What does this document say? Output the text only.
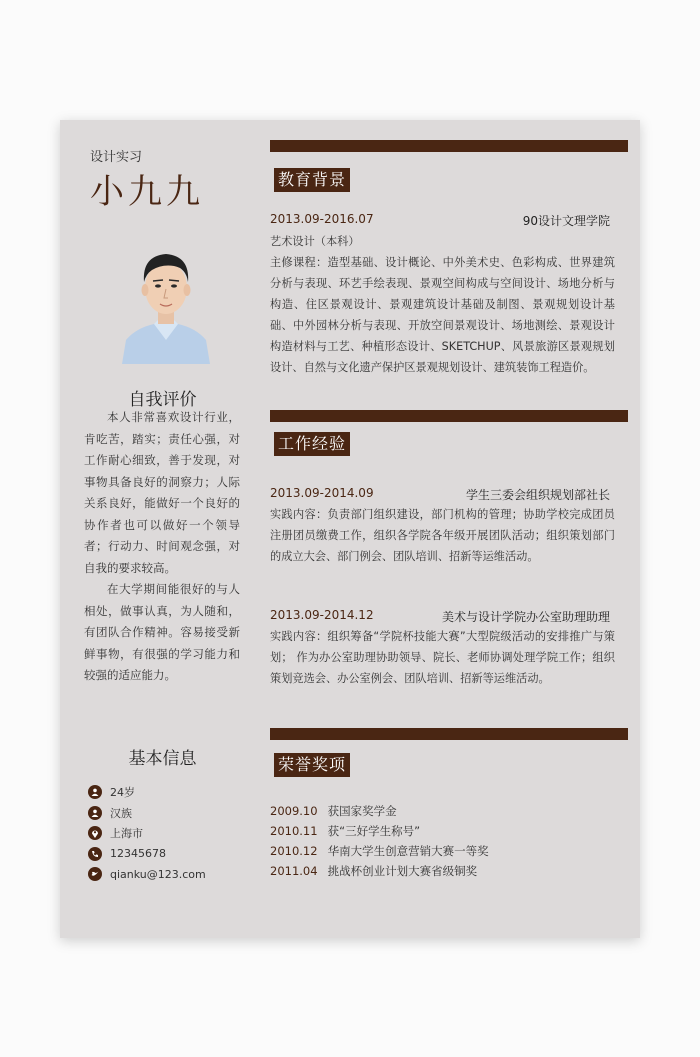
设计实习
小九九
自我评价

本人非常喜欢设计行业，肯吃苦，踏实；责任心强，对工作耐心细致，善于发现，对事物具备良好的洞察力；人际关系良好，能做好一个良好的协作者也可以做好一个领导者；行动力、时间观念强，对自我的要求较高。

在大学期间能很好的与人相处，做事认真，为人随和，有团队合作精神。容易接受新鲜事物，有很强的学习能力和较强的适应能力。

基本信息
24岁
汉族
上海市
12345678
qianku@123.com
教育背景
2013.09-2016.07	90设计文理学院
艺术设计（本科）
主修课程：造型基础、设计概论、中外美术史、色彩构成、世界建筑分析与表现、环艺手绘表现、景观空间构成与空间设计、场地分析与构造、住区景观设计、景观建筑设计基础及制图、景观规划设计基础、中外园林分析与表现、开放空间景观设计、场地测绘、景观设计构造材料与工艺、种植形态设计、SKETCHUP、风景旅游区景观规划设计、自然与文化遗产保护区景观规划设计、建筑装饰工程造价。
工作经验
2013.09-2014.09	学生三委会组织规划部社长
实践内容：负责部门组织建设，部门机构的管理；协助学校完成团员注册团员缴费工作，组织各学院各年级开展团队活动；组织策划部门的成立大会、部门例会、团队培训、招新等运维活动。
2013.09-2014.12	美术与设计学院办公室助理助理
实践内容：组织筹备“学院杯技能大赛”大型院级活动的安排推广与策划； 作为办公室助理协助领导、院长、老师协调处理学院工作；组织策划竞选会、办公室例会、团队培训、招新等运维活动。
荣誉奖项
2009.10 获国家奖学金
2010.11 获“三好学生称号”
2010.12 华南大学生创意营销大赛一等奖
2011.04 挑战杯创业计划大赛省级铜奖
